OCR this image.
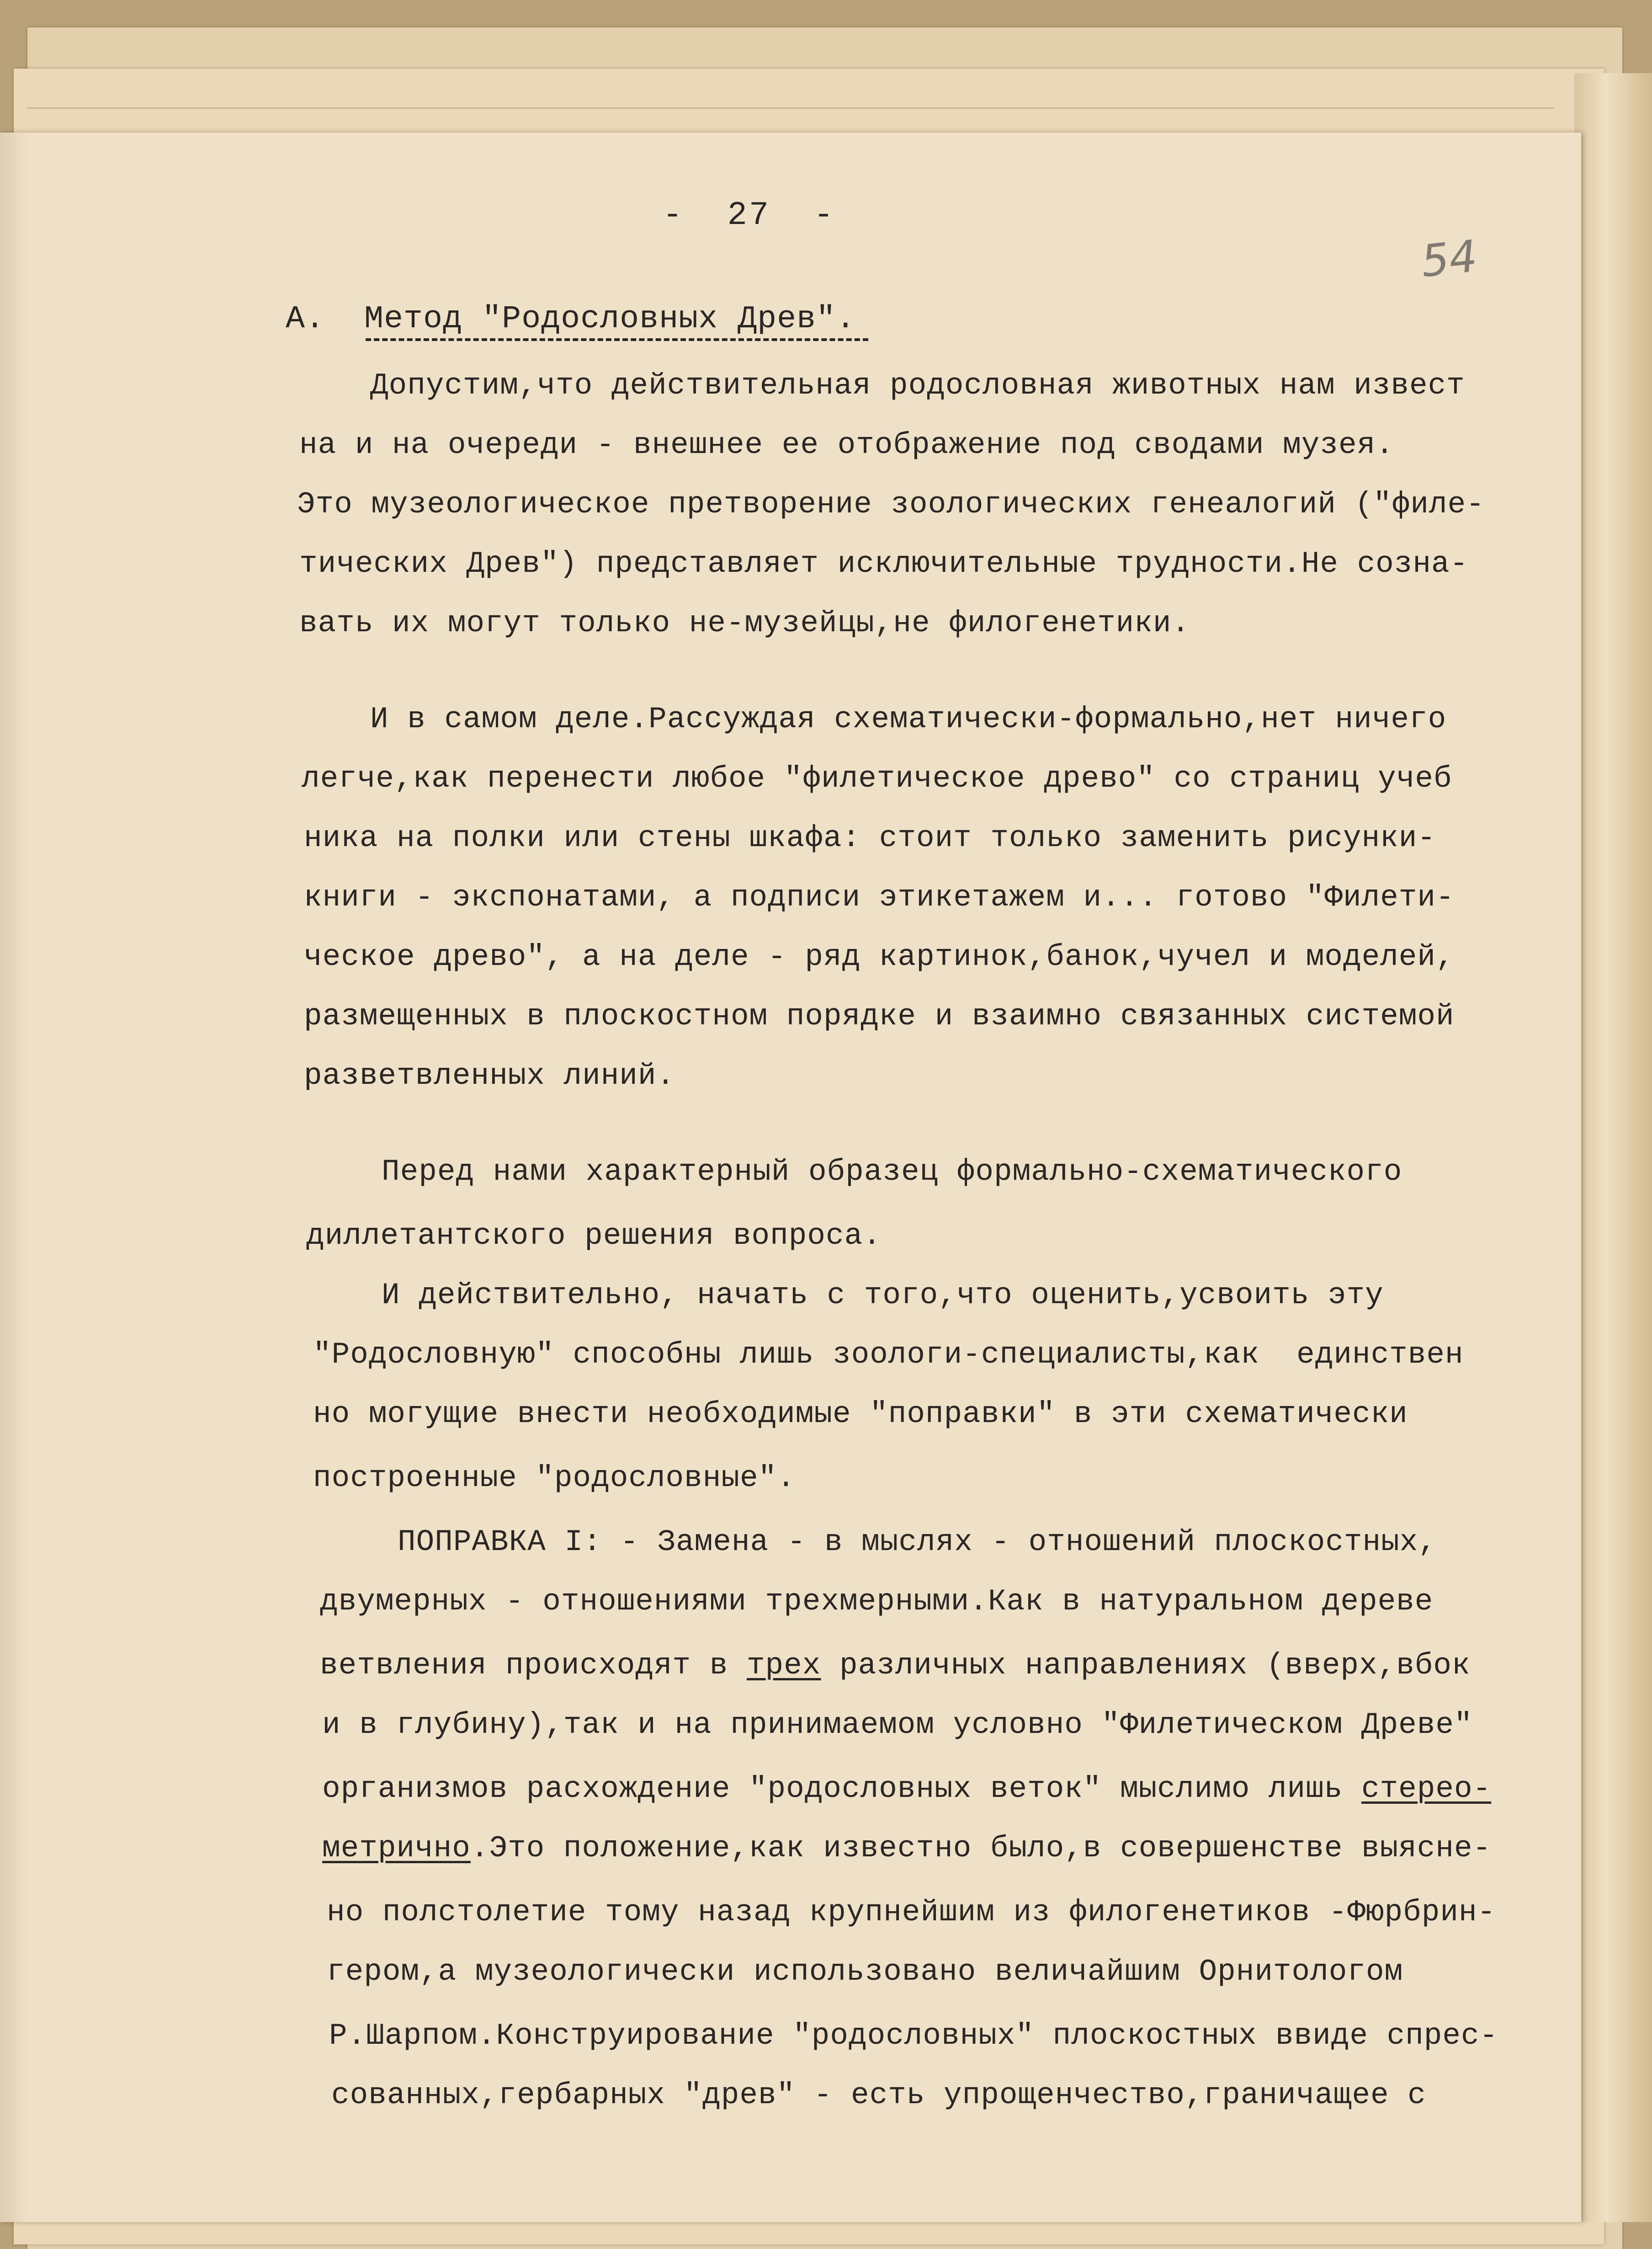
-  27  -
54
А.  Метод "Родословных Древ".
Допустим,что действительная родословная животных нам извест
на и на очереди - внешнее ее отображение под сводами музея.
Это музеологическое претворение зоологических генеалогий ("филе-
тических Древ") представляет исключительные трудности.Не созна-
вать их могут только не-музейцы,не филогенетики.
И в самом деле.Рассуждая схематически-формально,нет ничего
легче,как перенести любое "филетическое древо" со страниц учеб
ника на полки или стены шкафа: стоит только заменить рисунки-
книги - экспонатами, а подписи этикетажем и... готово "Филети-
ческое древо", а на деле - ряд картинок,банок,чучел и моделей,
размещенных в плоскостном порядке и взаимно связанных системой
разветвленных линий.
Перед нами характерный образец формально-схематического
диллетантского решения вопроса.
И действительно, начать с того,что оценить,усвоить эту
"Родословную" способны лишь зоологи-специалисты,как  единствен
но могущие внести необходимые "поправки" в эти схематически
построенные "родословные".
ПОПРАВКА I: - Замена - в мыслях - отношений плоскостных,
двумерных - отношениями трехмерными.Как в натуральном дереве
ветвления происходят в трех различных направлениях (вверх,вбок
и в глубину),так и на принимаемом условно "Филетическом Древе"
организмов расхождение "родословных веток" мыслимо лишь стерео-
метрично.Это положение,как известно было,в совершенстве выясне-
но полстолетие тому назад крупнейшим из филогенетиков -Фюрбрин-
гером,а музеологически использовано величайшим Орнитологом
Р.Шарпом.Конструирование "родословных" плоскостных ввиде спрес-
сованных,гербарных "древ" - есть упрощенчество,граничащее с
